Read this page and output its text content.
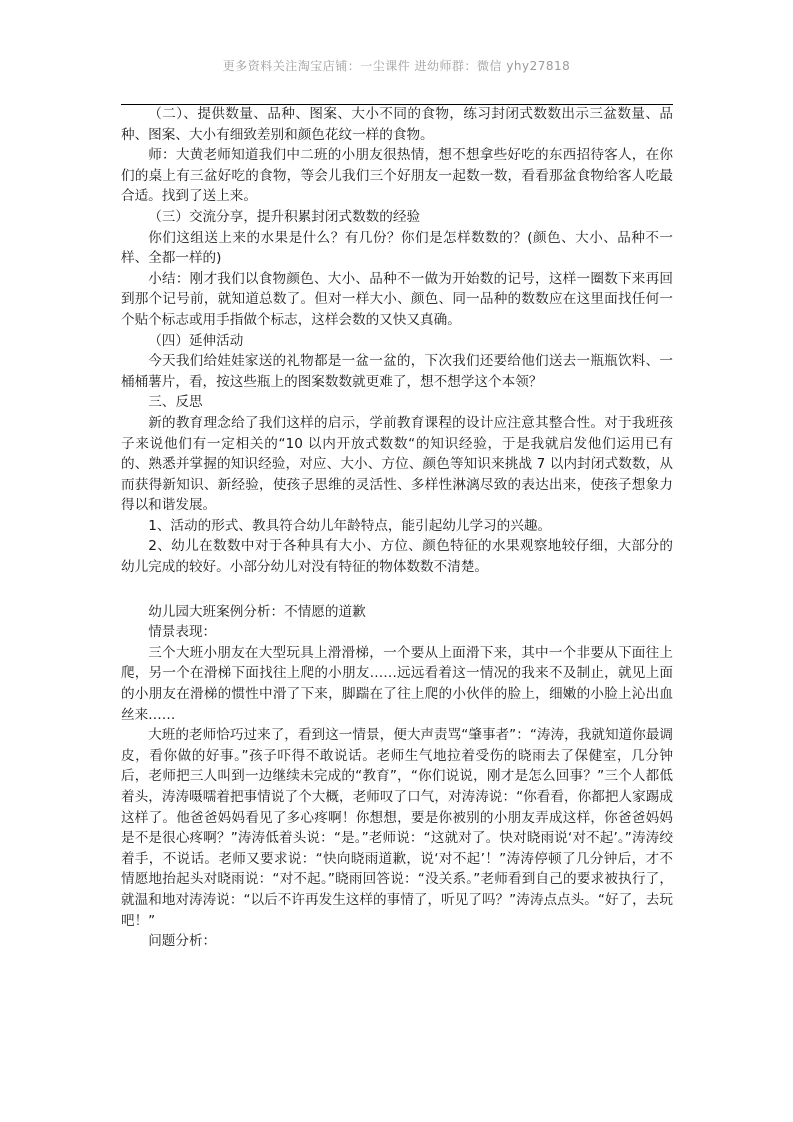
更多资料关注淘宝店铺：一尘课件 进幼师群：微信 yhy27818

（二）、提供数量、品种、图案、大小不同的食物，练习封闭式数数出示三盆数量、品种、图案、大小有细致差别和颜色花纹一样的食物。

师：大黄老师知道我们中二班的小朋友很热情，想不想拿些好吃的东西招待客人，在你们的桌上有三盆好吃的食物，等会儿我们三个好朋友一起数一数，看看那盆食物给客人吃最合适。找到了送上来。

（三）交流分享，提升积累封闭式数数的经验

你们这组送上来的水果是什么？有几份？你们是怎样数数的？(颜色、大小、品种不一样、全都一样的)

小结：刚才我们以食物颜色、大小、品种不一做为开始数的记号，这样一圈数下来再回到那个记号前，就知道总数了。但对一样大小、颜色、同一品种的数数应在这里面找任何一个贴个标志或用手指做个标志，这样会数的又快又真确。

（四）延伸活动

今天我们给娃娃家送的礼物都是一盆一盆的，下次我们还要给他们送去一瓶瓶饮料、一桶桶薯片，看，按这些瓶上的图案数数就更难了，想不想学这个本领？

三、反思

新的教育理念给了我们这样的启示，学前教育课程的设计应注意其整合性。对于我班孩子来说他们有一定相关的“10 以内开放式数数“的知识经验，于是我就启发他们运用已有的、熟悉并掌握的知识经验，对应、大小、方位、颜色等知识来挑战 7 以内封闭式数数，从而获得新知识、新经验，使孩子思维的灵活性、多样性淋漓尽致的表达出来，使孩子想象力得以和谐发展。

1、活动的形式、教具符合幼儿年龄特点，能引起幼儿学习的兴趣。

2、幼儿在数数中对于各种具有大小、方位、颜色特征的水果观察地较仔细，大部分的幼儿完成的较好。小部分幼儿对没有特征的物体数数不清楚。

幼儿园大班案例分析：不情愿的道歉

情景表现：

三个大班小朋友在大型玩具上滑滑梯，一个要从上面滑下来，其中一个非要从下面往上爬，另一个在滑梯下面找往上爬的小朋友……远远看着这一情况的我来不及制止，就见上面的小朋友在滑梯的惯性中滑了下来，脚踹在了往上爬的小伙伴的脸上，细嫩的小脸上沁出血丝来……

大班的老师恰巧过来了，看到这一情景，便大声责骂“肇事者”：“涛涛，我就知道你最调皮，看你做的好事。”孩子吓得不敢说话。老师生气地拉着受伤的晓雨去了保健室，几分钟后，老师把三人叫到一边继续未完成的“教育”，“你们说说，刚才是怎么回事？”三个人都低着头，涛涛嗫嚅着把事情说了个大概，老师叹了口气，对涛涛说：“你看看，你都把人家踢成这样了。他爸爸妈妈看见了多心疼啊！你想想，要是你被别的小朋友弄成这样，你爸爸妈妈是不是很心疼啊？”涛涛低着头说：“是。”老师说：“这就对了。快对晓雨说‘对不起’。”涛涛绞着手，不说话。老师又要求说：“快向晓雨道歉，说‘对不起’！”涛涛停顿了几分钟后，才不情愿地抬起头对晓雨说：“对不起。”晓雨回答说：“没关系。”老师看到自己的要求被执行了，就温和地对涛涛说：“以后不许再发生这样的事情了，听见了吗？”涛涛点点头。“好了，去玩吧！”

问题分析：
